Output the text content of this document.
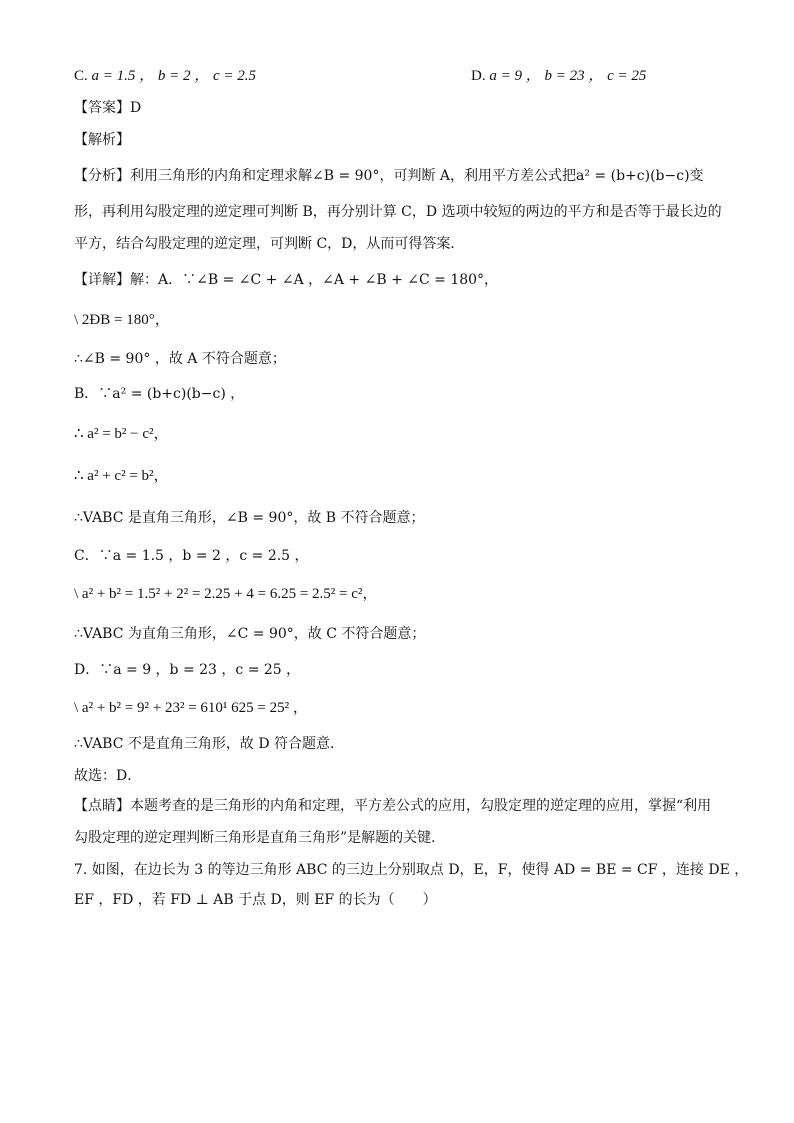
C. a = 1.5 ， b = 2 ， c = 2.5	D. a = 9 ， b = 23 ， c = 25
【答案】D
【解析】
【分析】利用三角形的内角和定理求解∠B = 90°，可判断 A，利用平方差公式把a² = (b+c)(b−c)变
形，再利用勾股定理的逆定理可判断 B，再分别计算 C，D 选项中较短的两边的平方和是否等于最长边的
平方，结合勾股定理的逆定理，可判断 C，D，从而可得答案．
【详解】解：A．∵∠B = ∠C + ∠A ，∠A + ∠B + ∠C = 180°，
\ 2ÐB = 180°，
∴∠B = 90° ，故 A 不符合题意；
B．∵a² = (b+c)(b−c) ，
∴ a² = b² − c²，
∴ a² + c² = b²，
∴VABC 是直角三角形，∠B = 90°，故 B 不符合题意；
C．∵a = 1.5 ，b = 2 ，c = 2.5 ，
\ a² + b² = 1.5² + 2² = 2.25 + 4 = 6.25 = 2.5² = c²，
∴VABC 为直角三角形，∠C = 90°，故 C 不符合题意；
D．∵a = 9 ，b = 23 ，c = 25 ，
\ a² + b² = 9² + 23² = 610¹ 625 = 25² ，
∴VABC 不是直角三角形，故 D 符合题意．
故选：D．
【点睛】本题考查的是三角形的内角和定理，平方差公式的应用，勾股定理的逆定理的应用，掌握“利用
勾股定理的逆定理判断三角形是直角三角形”是解题的关键．
7. 如图，在边长为 3 的等边三角形 ABC 的三边上分别取点 D，E，F，使得 AD = BE = CF ，连接 DE ，
EF ，FD ，若 FD ⊥ AB 于点 D，则 EF 的长为（　　）
